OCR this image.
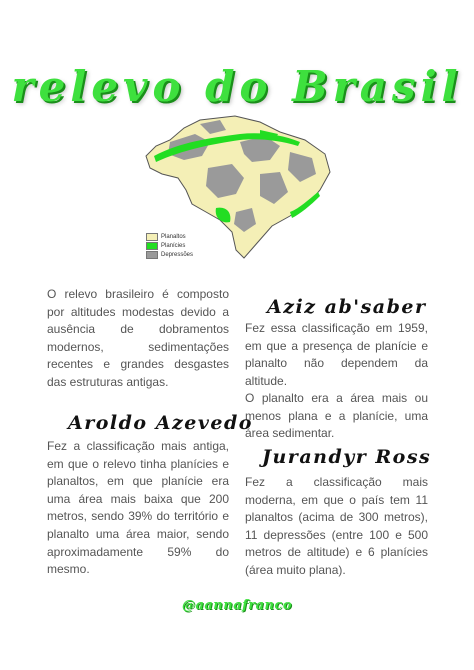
relevo do Brasil
Planaltos
Planícies
Depressões

O relevo brasileiro é composto por altitudes modestas devido a ausência de dobramentos modernos, sedimentações recentes e grandes desgastes das estruturas antigas.

Aziz ab'saber

Fez essa classificação em 1959, em que a presença de planície e planalto não dependem da altitude.

O planalto era a área mais ou menos plana e a planície, uma área sedimentar.

Aroldo Azevedo

Fez a classificação mais antiga, em que o relevo tinha planícies e planaltos, em que planície era uma área mais baixa que 200 metros, sendo 39% do território e planalto uma área maior, sendo aproximadamente 59% do mesmo.

Jurandyr Ross

Fez a classificação mais moderna, em que o país tem 11 planaltos (acima de 300 metros), 11 depressões (entre 100 e 500 metros de altitude) e 6 planícies (área muito plana).

@aannafranco
